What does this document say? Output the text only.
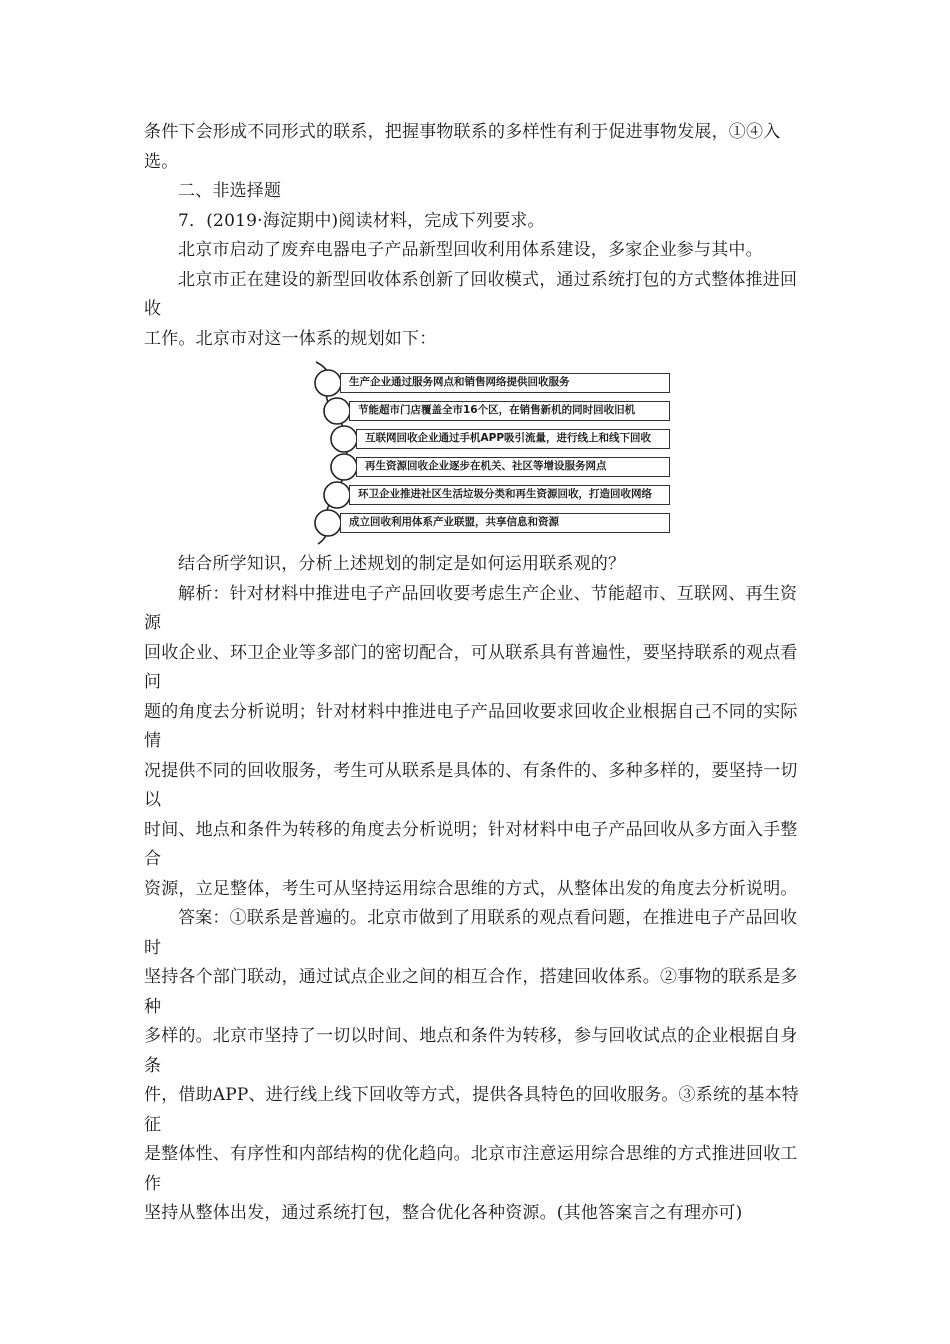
条件下会形成不同形式的联系，把握事物联系的多样性有利于促进事物发展，①④入选。

二、非选择题

7．(2019·海淀期中)阅读材料，完成下列要求。

北京市启动了废弃电器电子产品新型回收利用体系建设，多家企业参与其中。

北京市正在建设的新型回收体系创新了回收模式，通过系统打包的方式整体推进回收

工作。北京市对这一体系的规划如下：

生产企业通过服务网点和销售网络提供回收服务
节能超市门店覆盖全市16个区，在销售新机的同时回收旧机
互联网回收企业通过手机APP吸引流量，进行线上和线下回收
再生资源回收企业逐步在机关、社区等增设服务网点
环卫企业推进社区生活垃圾分类和再生资源回收，打造回收网络
成立回收利用体系产业联盟，共享信息和资源

结合所学知识，分析上述规划的制定是如何运用联系观的？

解析：针对材料中推进电子产品回收要考虑生产企业、节能超市、互联网、再生资源

回收企业、环卫企业等多部门的密切配合，可从联系具有普遍性，要坚持联系的观点看问

题的角度去分析说明；针对材料中推进电子产品回收要求回收企业根据自己不同的实际情

况提供不同的回收服务，考生可从联系是具体的、有条件的、多种多样的，要坚持一切以

时间、地点和条件为转移的角度去分析说明；针对材料中电子产品回收从多方面入手整合

资源，立足整体，考生可从坚持运用综合思维的方式，从整体出发的角度去分析说明。

答案：①联系是普遍的。北京市做到了用联系的观点看问题，在推进电子产品回收时

坚持各个部门联动，通过试点企业之间的相互合作，搭建回收体系。②事物的联系是多种

多样的。北京市坚持了一切以时间、地点和条件为转移，参与回收试点的企业根据自身条

件，借助APP、进行线上线下回收等方式，提供各具特色的回收服务。③系统的基本特征

是整体性、有序性和内部结构的优化趋向。北京市注意运用综合思维的方式推进回收工作

坚持从整体出发，通过系统打包，整合优化各种资源。(其他答案言之有理亦可)
